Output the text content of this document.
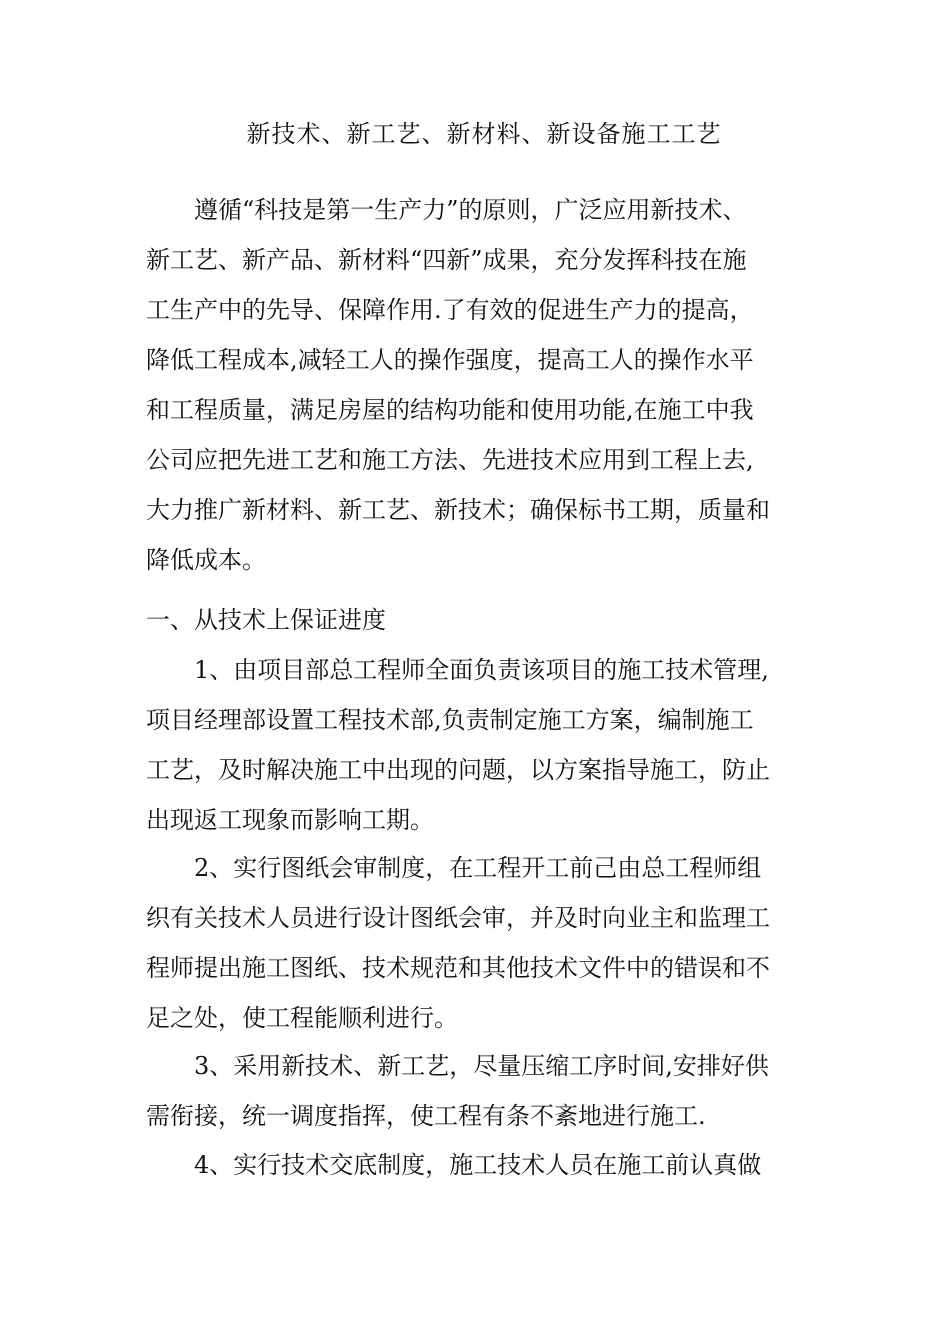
新技术、新工艺、新材料、新设备施工工艺
遵循“科技是第一生产力”的原则，广泛应用新技术、
新工艺、新产品、新材料“四新”成果，充分发挥科技在施
工生产中的先导、保障作用.了有效的促进生产力的提高，
降低工程成本,减轻工人的操作强度，提高工人的操作水平
和工程质量，满足房屋的结构功能和使用功能,在施工中我
公司应把先进工艺和施工方法、先进技术应用到工程上去,
大力推广新材料、新工艺、新技术；确保标书工期，质量和
降低成本。
一、从技术上保证进度
1、由项目部总工程师全面负责该项目的施工技术管理,
项目经理部设置工程技术部,负责制定施工方案，编制施工
工艺，及时解决施工中出现的问题，以方案指导施工，防止
出现返工现象而影响工期。
2、实行图纸会审制度，在工程开工前己由总工程师组
织有关技术人员进行设计图纸会审，并及时向业主和监理工
程师提出施工图纸、技术规范和其他技术文件中的错误和不
足之处，使工程能顺利进行。
3、采用新技术、新工艺，尽量压缩工序时间,安排好供
需衔接，统一调度指挥，使工程有条不紊地进行施工.
4、实行技术交底制度，施工技术人员在施工前认真做
